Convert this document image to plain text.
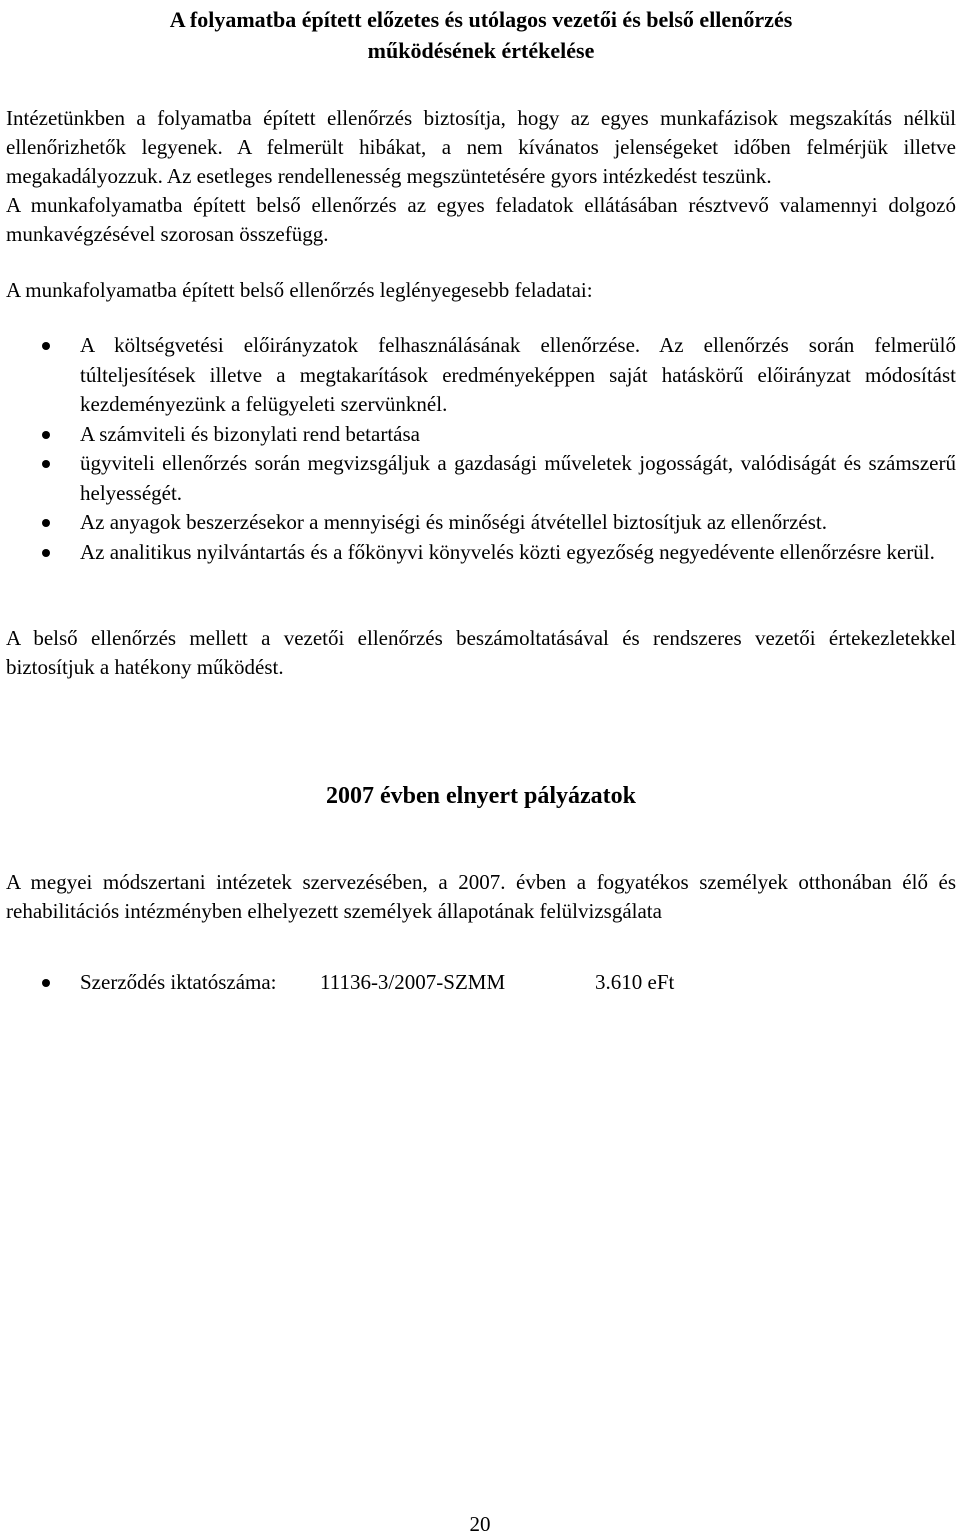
A folyamatba épített előzetes és utólagos vezetői és belső ellenőrzés
működésének értékelése

Intézetünkben a folyamatba épített ellenőrzés biztosítja, hogy az egyes munkafázisok megszakítás nélkül ellenőrizhetők legyenek. A felmerült hibákat, a nem kívánatos jelenségeket időben felmérjük illetve megakadályozzuk. Az esetleges rendellenesség megszüntetésére gyors intézkedést teszünk.

A munkafolyamatba épített belső ellenőrzés az egyes feladatok ellátásában résztvevő valamennyi dolgozó munkavégzésével szorosan összefügg.

A munkafolyamatba épített belső ellenőrzés leglényegesebb feladatai:

A költségvetési előirányzatok felhasználásának ellenőrzése. Az ellenőrzés során felmerülő túlteljesítések illetve a megtakarítások eredményeképpen saját hatáskörű előirányzat módosítást kezdeményezünk a felügyeleti szervünknél.
A számviteli és bizonylati rend betartása
ügyviteli ellenőrzés során megvizsgáljuk a gazdasági műveletek jogosságát, valódiságát és számszerű helyességét.
Az anyagok beszerzésekor a mennyiségi és minőségi átvétellel biztosítjuk az ellenőrzést.
Az analitikus nyilvántartás és a főkönyvi könyvelés közti egyezőség negyedévente ellenőrzésre kerül.

A belső ellenőrzés mellett a vezetői ellenőrzés beszámoltatásával és rendszeres vezetői értekezletekkel biztosítjuk a hatékony működést.

2007 évben elnyert pályázatok

A megyei módszertani intézetek szervezésében, a 2007. évben a fogyatékos személyek otthonában élő és rehabilitációs intézményben elhelyezett személyek állapotának felülvizsgálata

Szerződés iktatószáma:	11136-3/2007-SZMM	3.610 eFt
20
